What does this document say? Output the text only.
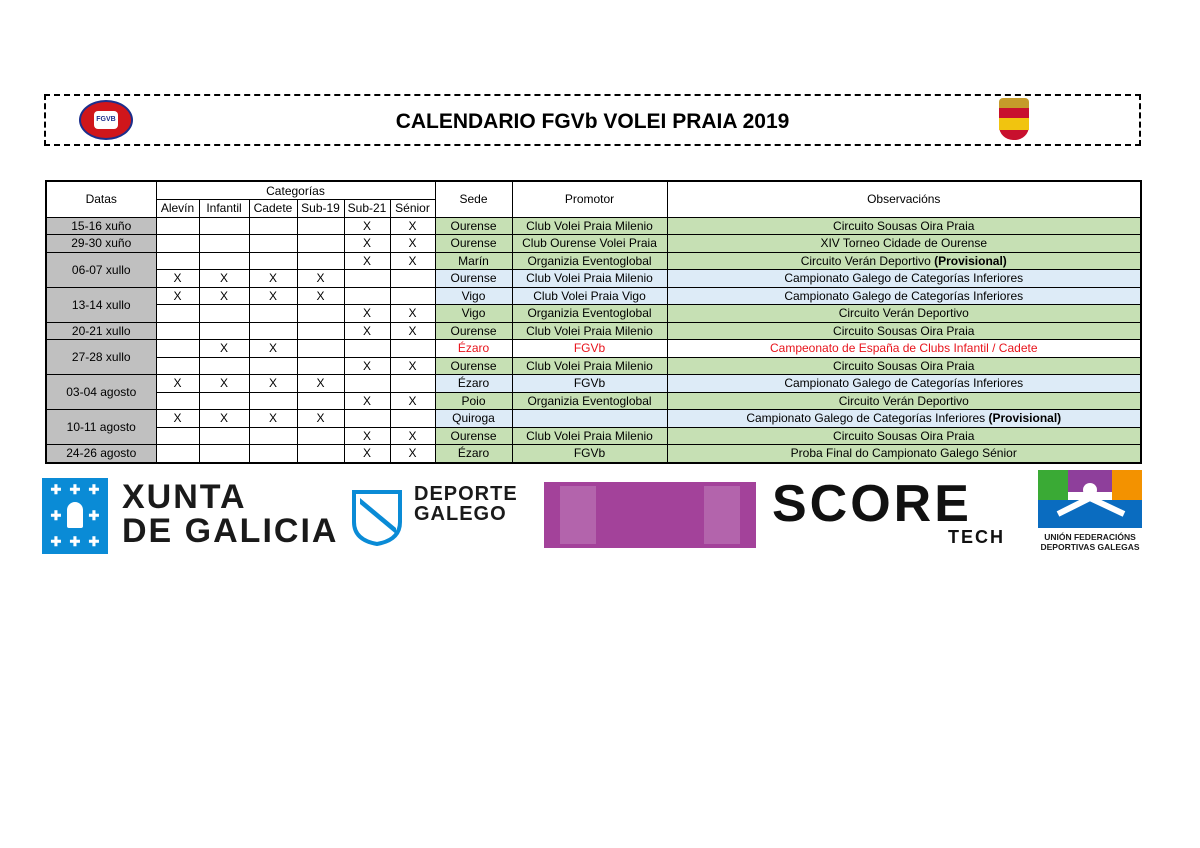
FGVB	CALENDARIO FGVb VOLEI PRAIA 2019
Datas	Categorías						Sede	Promotor	Observacións
	Alevín	Infantil	Cadete	Sub-19	Sub-21	Sénior			
15-16 xuño					X	X	Ourense	Club Volei Praia Milenio	Circuito Sousas Oira Praia
29-30 xuño					X	X	Ourense	Club Ourense Volei Praia	XIV Torneo Cidade de Ourense
06-07 xullo					X	X	Marín	Organizia Eventoglobal	Circuito Verán Deportivo (Provisional)
	X	X	X	X			Ourense	Club Volei Praia Milenio	Campionato Galego de Categorías Inferiores
13-14 xullo	X	X	X	X			Vigo	Club Volei Praia Vigo	Campionato Galego de Categorías Inferiores
					X	X	Vigo	Organizia Eventoglobal	Circuito Verán Deportivo
20-21 xullo					X	X	Ourense	Club Volei Praia Milenio	Circuito Sousas Oira Praia
27-28 xullo		X	X				Ézaro	FGVb	Campeonato de España de Clubs Infantil / Cadete
					X	X	Ourense	Club Volei Praia Milenio	Circuito Sousas Oira Praia
03-04 agosto	X	X	X	X			Ézaro	FGVb	Campionato Galego de Categorías Inferiores
					X	X	Poio	Organizia Eventoglobal	Circuito Verán Deportivo
10-11 agosto	X	X	X	X			Quiroga		Campionato Galego de Categorías Inferiores (Provisional)
					X	X	Ourense	Club Volei Praia Milenio	Circuito Sousas Oira Praia
24-26 agosto					X	X	Ézaro	FGVb	Proba Final do Campionato Galego Sénior
✚ ✚ ✚
✚ ✚
✚ ✚ ✚
XUNTA
DE GALICIA
DEPORTE
GALEGO	SCORE
TECH	UNIÓN FEDERACIÓNS
DEPORTIVAS GALEGAS
